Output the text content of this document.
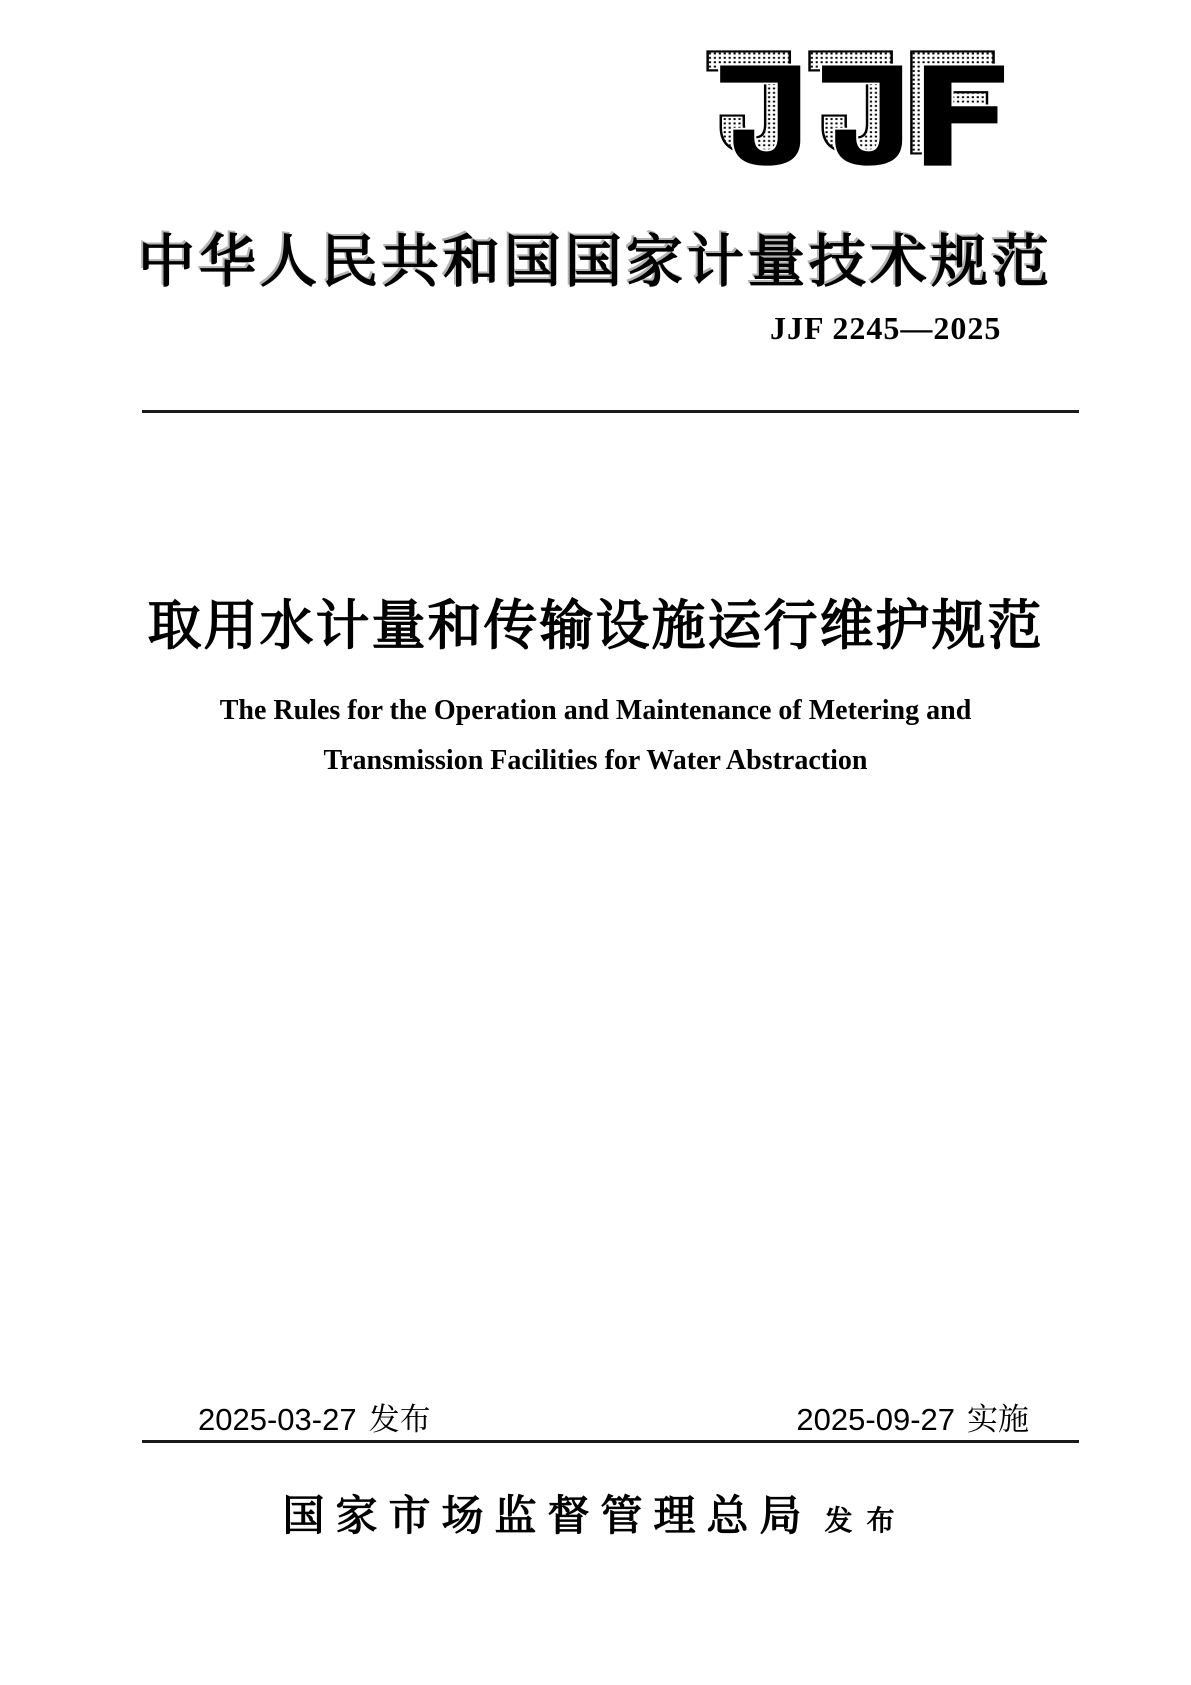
中华人民共和国国家计量技术规范
JJF 2245—2025
取用水计量和传输设施运行维护规范
The Rules for the Operation and Maintenance of Metering and
Transmission Facilities for Water Abstraction
2025-03-27 发布	2025-09-27 实施
国家市场监督管理总局 发布
